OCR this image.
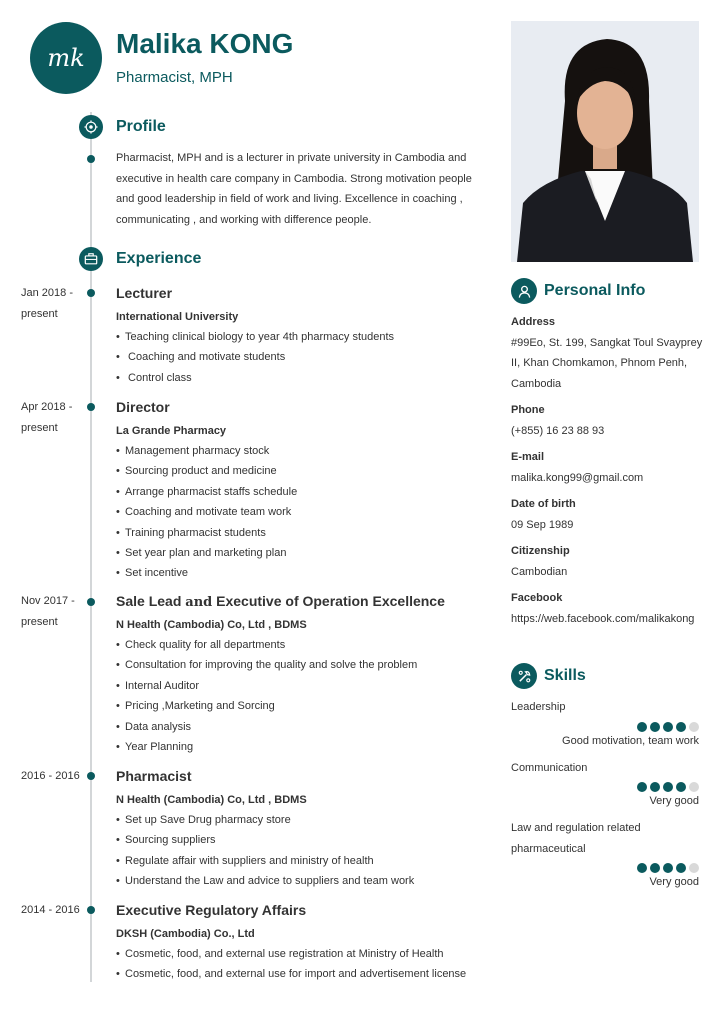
mk	Malika KONG
Pharmacist, MPH
Profile
Pharmacist, MPH and is a lecturer in private university in Cambodia and executive in health care company in Cambodia. Strong motivation people and good leadership in field of work and living. Excellence in coaching , communicating , and working with difference people.
Experience
Jan 2018 - present
Lecturer
International University
• Teaching clinical biology to year 4th pharmacy students
• Coaching and motivate students
• Control class
Apr 2018 - present
Director
La Grande Pharmacy
• Management pharmacy stock
• Sourcing product and medicine
• Arrange pharmacist staffs schedule
• Coaching and motivate team work
• Training pharmacist students
• Set year plan and marketing plan
• Set incentive
Nov 2017 - present
Sale Lead and Executive of Operation Excellence
N Health (Cambodia) Co, Ltd , BDMS
• Check quality for all departments
• Consultation for improving the quality and solve the problem
• Internal Auditor
• Pricing ,Marketing and Sorcing
• Data analysis
• Year Planning
2016 - 2016	Pharmacist
N Health (Cambodia) Co, Ltd , BDMS
• Set up Save Drug pharmacy store
• Sourcing suppliers
• Regulate affair with suppliers and ministry of health
• Understand the Law and advice to suppliers and team work
2014 - 2016	Executive Regulatory Affairs
DKSH (Cambodia) Co., Ltd
• Cosmetic, food, and external use registration at Ministry of Health
• Cosmetic, food, and external use for import and advertisement license
Personal Info
Address
#99Eo, St. 199, Sangkat Toul Svayprey II, Khan Chomkamon, Phnom Penh, Cambodia
Phone
(+855) 16 23 88 93
E-mail
malika.kong99@gmail.com
Date of birth
09 Sep 1989
Citizenship
Cambodian
Facebook
https://web.facebook.com/malikakong
Skills
Leadership
Good motivation, team work
Communication
Very good
Law and regulation related pharmaceutical
Very good
